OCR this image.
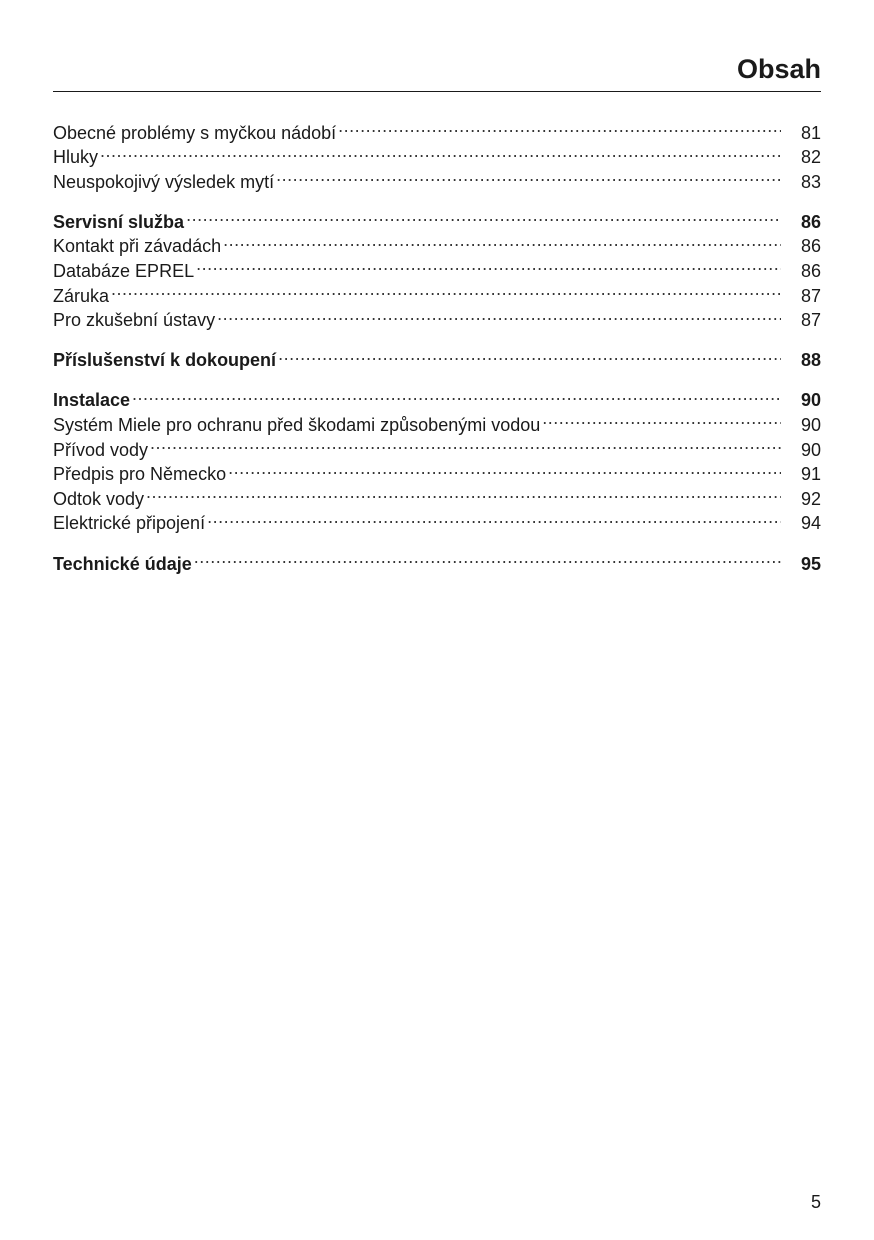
Obsah
Obecné problémy s myčkou nádobí .....	81
Hluky .....	82
Neuspokojivý výsledek mytí .....	83
Servisní služba .....	86
Kontakt při závadách .....	86
Databáze EPREL .....	86
Záruka .....	87
Pro zkušební ústavy .....	87
Příslušenství k dokoupení .....	88
Instalace .....	90
Systém Miele pro ochranu před škodami způsobenými vodou .....	90
Přívod vody .....	90
Předpis pro Německo .....	91
Odtok vody .....	92
Elektrické připojení .....	94
Technické údaje .....	95
5
